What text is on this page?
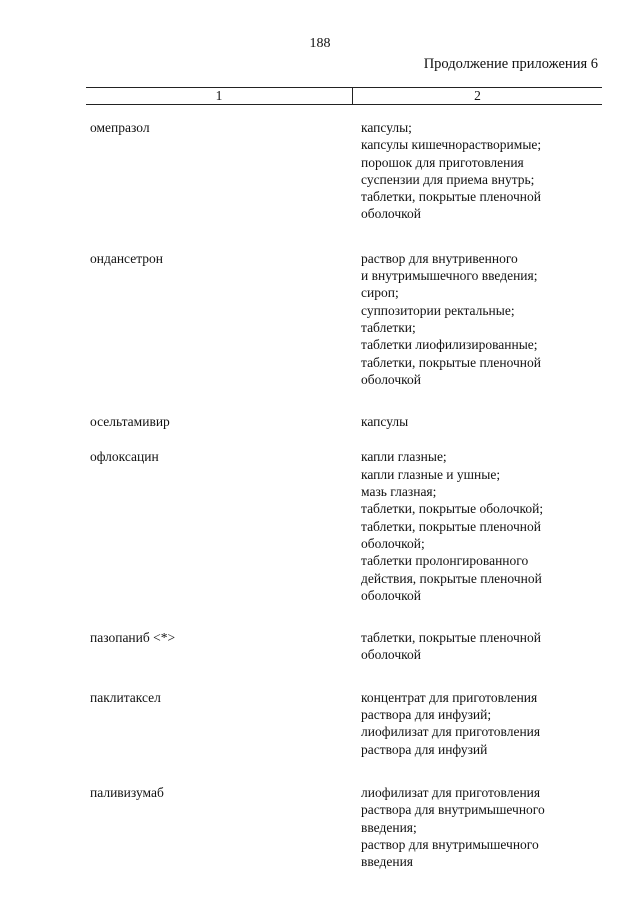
188
Продолжение приложения 6
1	2
омепразол	капсулы;
капсулы кишечнорастворимые;
порошок для приготовления
суспензии для приема внутрь;
таблетки, покрытые пленочной
оболочкой
ондансетрон	раствор для внутривенного
и внутримышечного введения;
сироп;
суппозитории ректальные;
таблетки;
таблетки лиофилизированные;
таблетки, покрытые пленочной
оболочкой
осельтамивир	капсулы
офлоксацин	капли глазные;
капли глазные и ушные;
мазь глазная;
таблетки, покрытые оболочкой;
таблетки, покрытые пленочной
оболочкой;
таблетки пролонгированного
действия, покрытые пленочной
оболочкой
пазопаниб <*>	таблетки, покрытые пленочной
оболочкой
паклитаксел	концентрат для приготовления
раствора для инфузий;
лиофилизат для приготовления
раствора для инфузий
паливизумаб	лиофилизат для приготовления
раствора для внутримышечного
введения;
раствор для внутримышечного
введения
